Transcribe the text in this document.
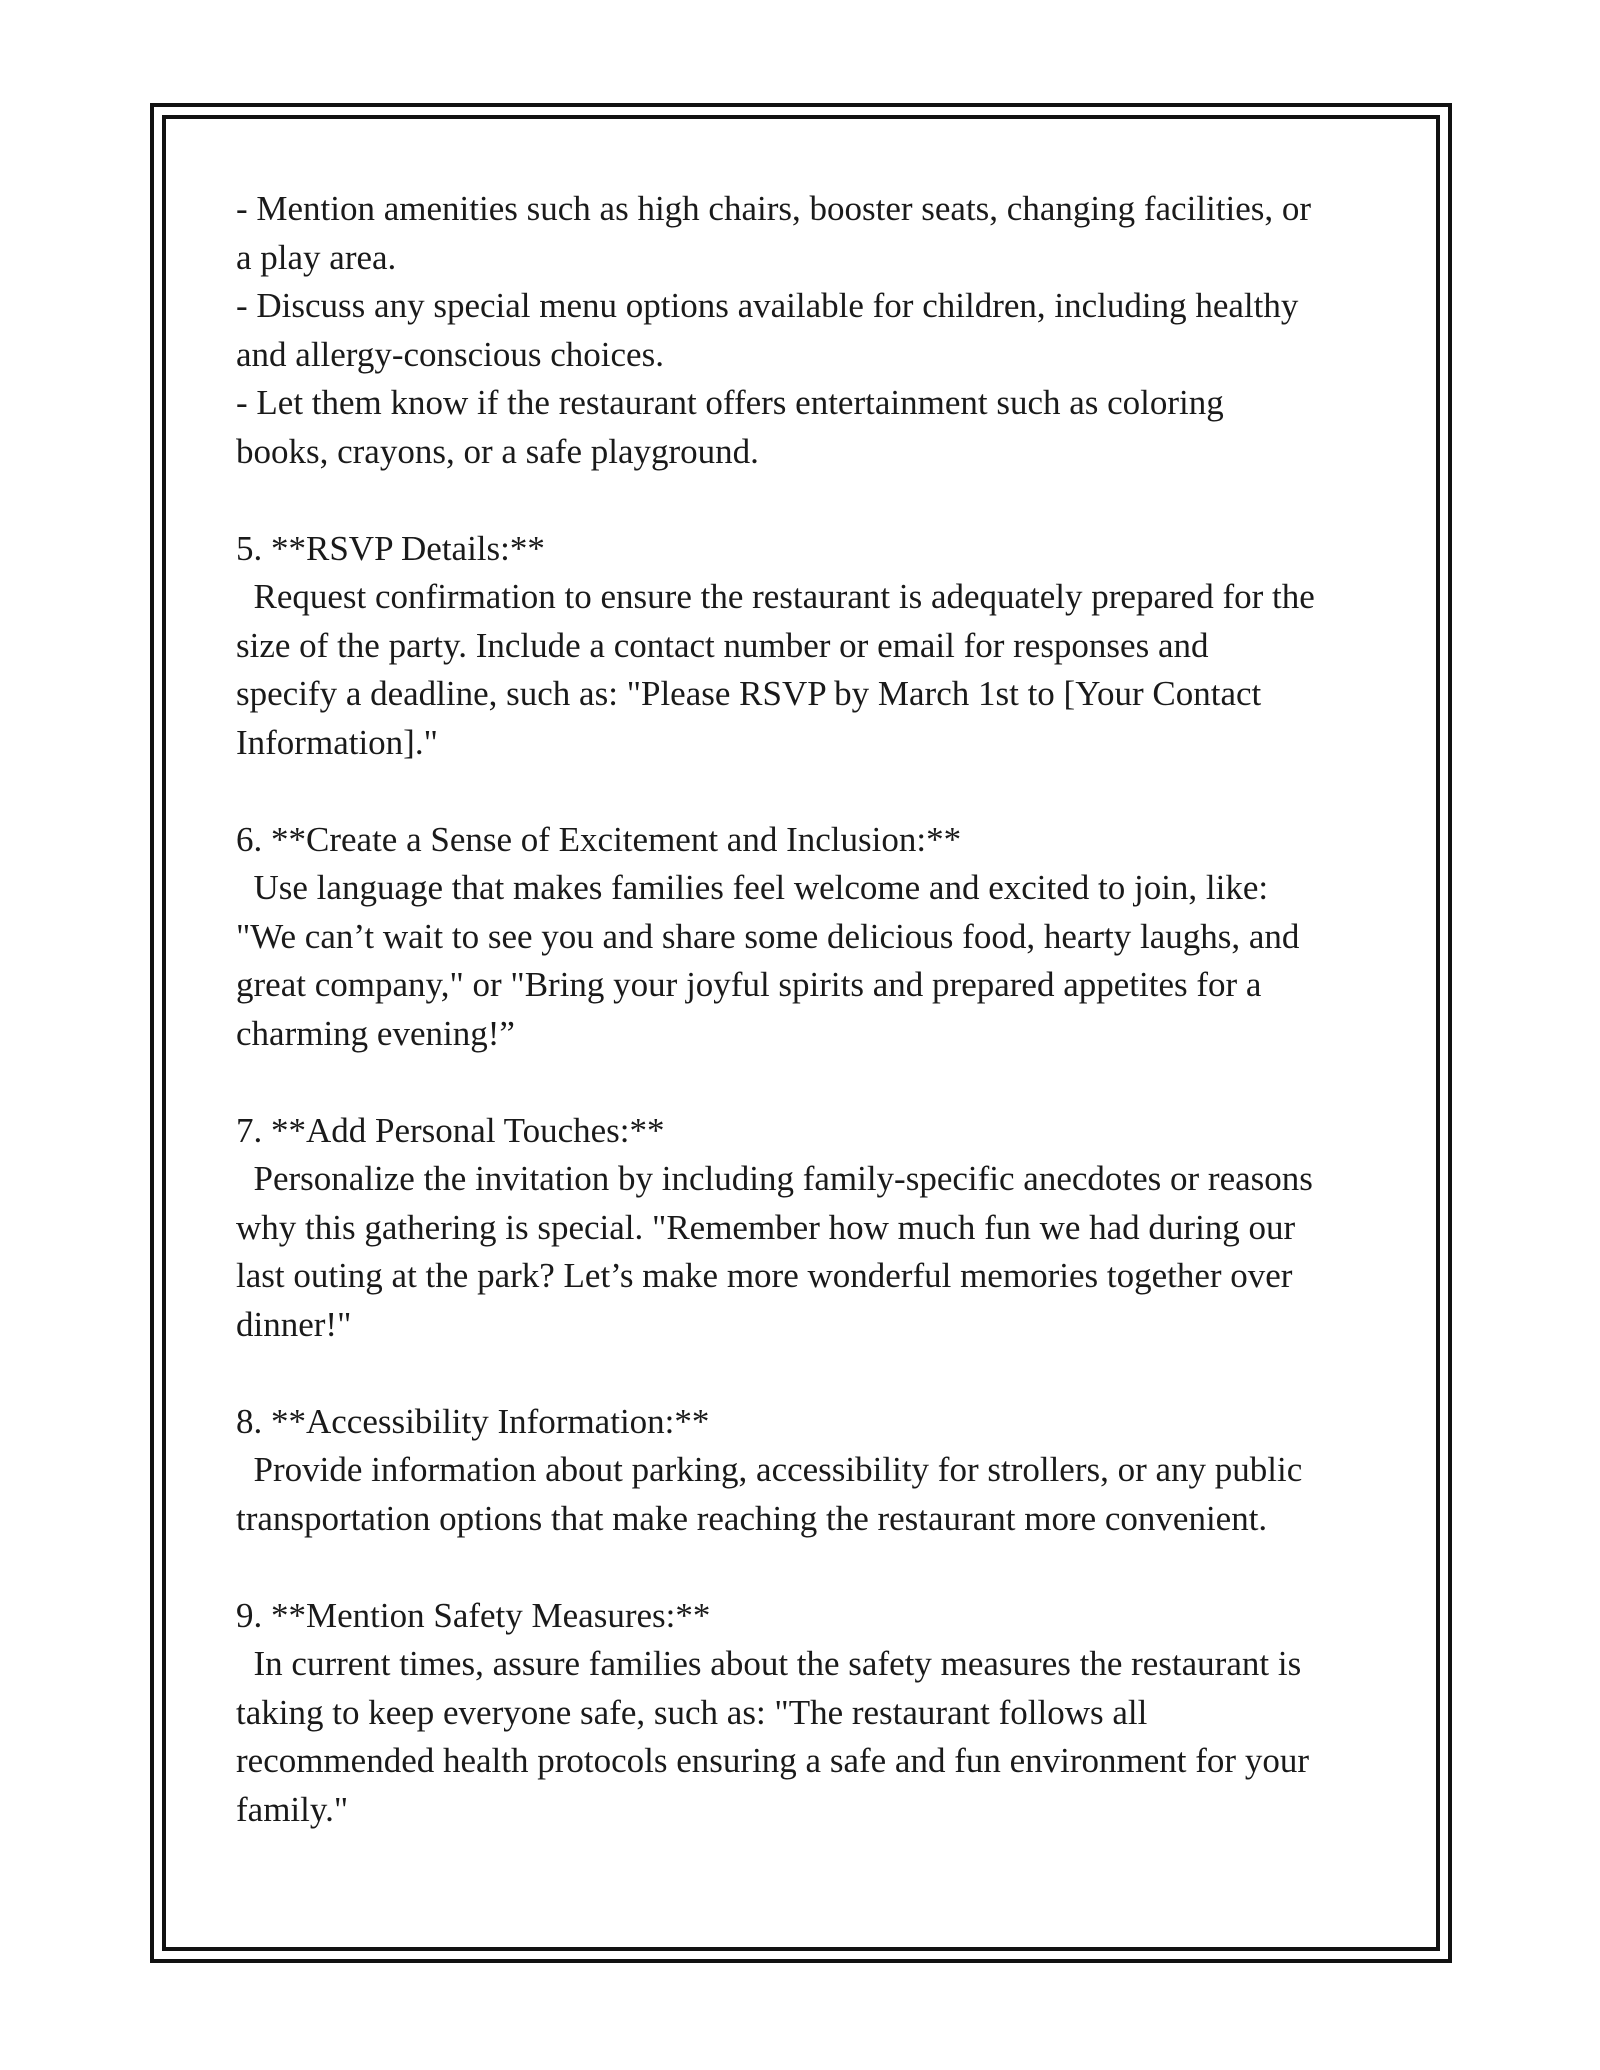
- Mention amenities such as high chairs, booster seats, changing facilities, or
a play area.
- Discuss any special menu options available for children, including healthy
and allergy-conscious choices.
- Let them know if the restaurant offers entertainment such as coloring
books, crayons, or a safe playground.
5. **RSVP Details:**
Request confirmation to ensure the restaurant is adequately prepared for the
size of the party. Include a contact number or email for responses and
specify a deadline, such as: "Please RSVP by March 1st to [Your Contact
Information]."
6. **Create a Sense of Excitement and Inclusion:**
Use language that makes families feel welcome and excited to join, like:
"We can’t wait to see you and share some delicious food, hearty laughs, and
great company," or "Bring your joyful spirits and prepared appetites for a
charming evening!”
7. **Add Personal Touches:**
Personalize the invitation by including family-specific anecdotes or reasons
why this gathering is special. "Remember how much fun we had during our
last outing at the park? Let’s make more wonderful memories together over
dinner!"
8. **Accessibility Information:**
Provide information about parking, accessibility for strollers, or any public
transportation options that make reaching the restaurant more convenient.
9. **Mention Safety Measures:**
In current times, assure families about the safety measures the restaurant is
taking to keep everyone safe, such as: "The restaurant follows all
recommended health protocols ensuring a safe and fun environment for your
family."
